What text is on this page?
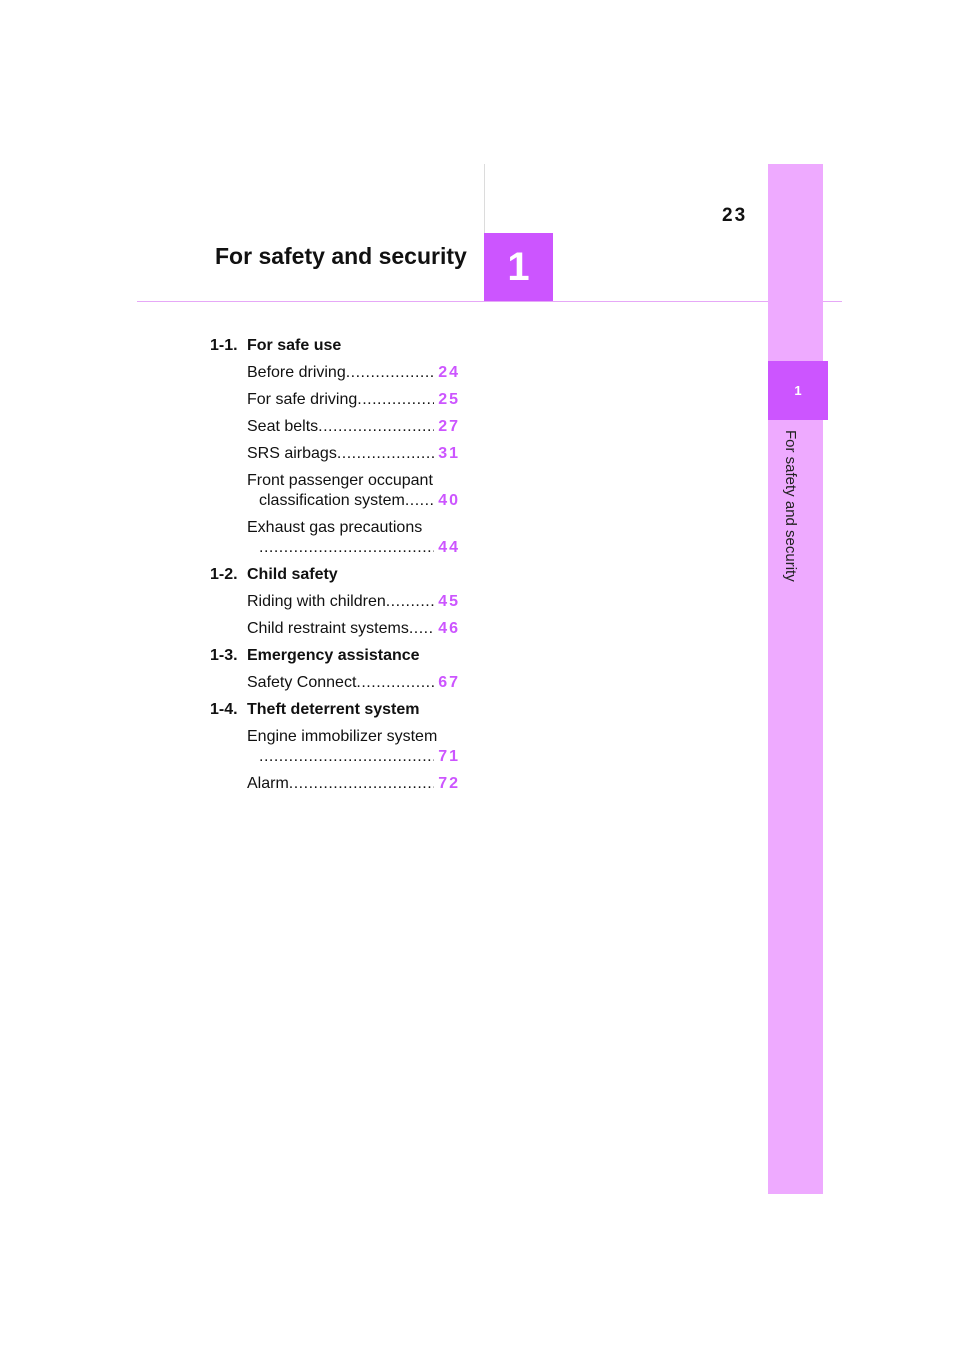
23
For safety and security	1
1
For safety and security
1-1. For safe use
Before driving .....	24
For safe driving .....	25
Seat belts .....	27
SRS airbags .....	31
Front passenger occupant
classification system ..... 40
Exhaust gas precautions
.....
44
1-2. Child safety
Riding with children .....	45
Child restraint systems ..... 46
1-3. Emergency assistance
Safety Connect .....	67
1-4. Theft deterrent system
Engine immobilizer system
.....
71
Alarm .....	72
